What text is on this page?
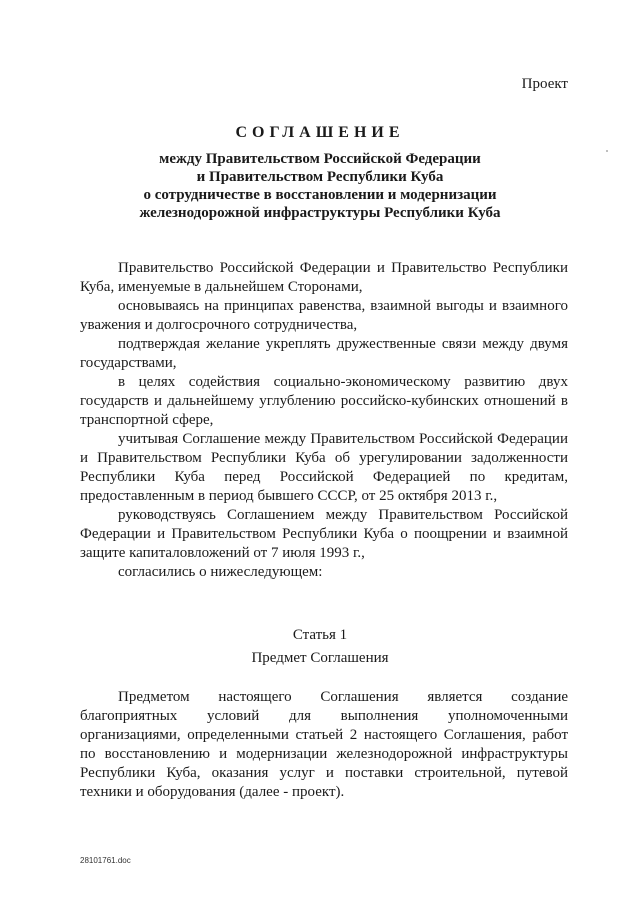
Проект
СОГЛАШЕНИЕ
между Правительством Российской Федерации
и Правительством Республики Куба
о сотрудничестве в восстановлении и модернизации
железнодорожной инфраструктуры Республики Куба

Правительство Российской Федерации и Правительство Республики Куба, именуемые в дальнейшем Сторонами,

основываясь на принципах равенства, взаимной выгоды и взаимного уважения и долгосрочного сотрудничества,

подтверждая желание укреплять дружественные связи между двумя государствами,

в целях содействия социально-экономическому развитию двух государств и дальнейшему углублению российско-кубинских отношений в транспортной сфере,

учитывая Соглашение между Правительством Российской Федерации и Правительством Республики Куба об урегулировании задолженности Республики Куба перед Российской Федерацией по кредитам, предоставленным в период бывшего СССР, от 25 октября 2013 г.,

руководствуясь Соглашением между Правительством Российской Федерации и Правительством Республики Куба о поощрении и взаимной защите капиталовложений от 7 июля 1993 г.,

согласились о нижеследующем:

Статья 1
Предмет Соглашения

Предметом настоящего Соглашения является создание благоприятных условий для выполнения уполномоченными организациями, определенными статьей 2 настоящего Соглашения, работ по восстановлению и модернизации железнодорожной инфраструктуры Республики Куба, оказания услуг и поставки строительной, путевой техники и оборудования (далее - проект).

28101761.doc
